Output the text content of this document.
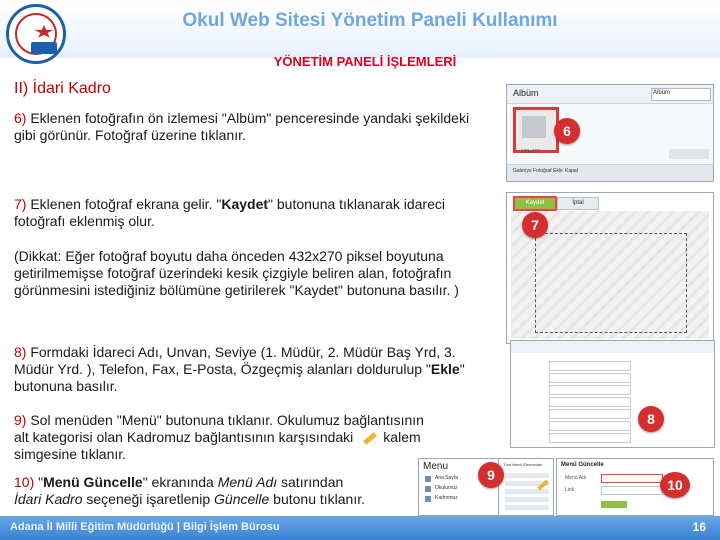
Okul Web Sitesi Yönetim Paneli Kullanımı
YÖNETİM PANELİ İŞLEMLERİ
II) İdari Kadro
6) Eklenen fotoğrafın ön izlemesi "Albüm" penceresinde yandaki şekildeki gibi görünür. Fotoğraf üzerine tıklanır.
7) Eklenen fotoğraf ekrana gelir. "Kaydet" butonuna tıklanarak idareci fotoğrafı eklenmiş olur.
(Dikkat: Eğer fotoğraf boyutu daha önceden 432x270 piksel boyutuna getirilmemişse fotoğraf üzerindeki kesik çizgiyle beliren alan, fotoğrafın görünmesini istediğiniz bölümüne getirilerek "Kaydet" butonuna basılır. )
8) Formdaki İdareci Adı, Unvan, Seviye (1. Müdür, 2. Müdür Baş Yrd, 3. Müdür Yrd. ), Telefon, Fax, E-Posta, Özgeçmiş alanları doldurulup "Ekle" butonuna basılır.
9) Sol menüden "Menü" butonuna tıklanır. Okulumuz bağlantısının
alt kategorisi olan Kadromuz bağlantısının karşısındaki kalem
simgesine tıklanır.
10) "Menü Güncelle" ekranında Menü Adı satırından
İdari Kadro seçeneği işaretlenip Güncelle butonu tıklanır.
Albüm	Albüm
120x120
Galeriye Fotoğraf Ekle Kapat
6
Kaydet	İptal
7
8
Menu
Ana Sayfa
Okulumuz
Kadromuz
Tüm Menü Elemanları
9
Menü Güncelle
Menü Adı
Link	10
Adana İl Milli Eğitim Müdürlüğü | Bilgi İşlem Bürosu	16
